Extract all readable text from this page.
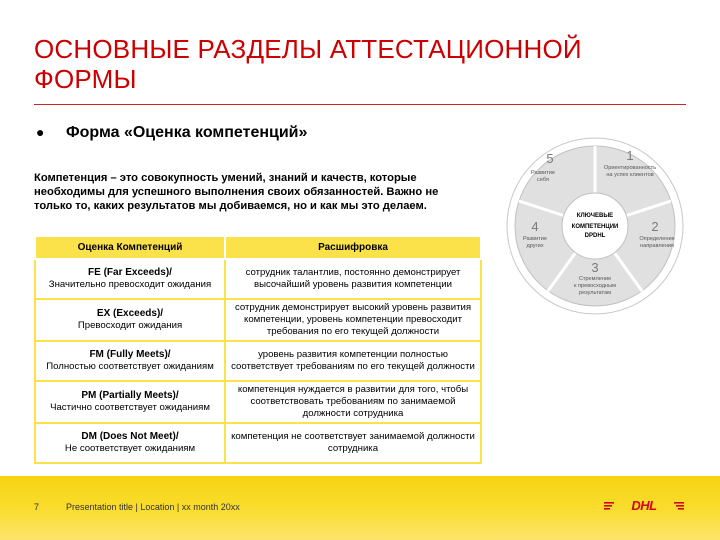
ОСНОВНЫЕ РАЗДЕЛЫ АТТЕСТАЦИОННОЙ ФОРМЫ
● Форма «Оценка компетенций»
Компетенция – это совокупность умений, знаний и качеств, которые необходимы для успешного выполнения своих обязанностей. Важно не только то, каких результатов мы добиваемся, но и как мы это делаем.
Оценка Компетенций	Расшифровка

FE (Far Exceeds)/
Значительно превосходит ожидания	сотрудник талантлив, постоянно демонстрирует высочайший уровень развития компетенции

EX (Exceeds)/
Превосходит ожидания	сотрудник демонстрирует высокий уровень развития компетенции, уровень компетенции превосходит требования по его текущей должности

FM (Fully Meets)/
Полностью соответствует ожиданиям	уровень развития компетенции полностью соответствует требованиям по его текущей должности

PM (Partially Meets)/
Частично соответствует ожиданиям	компетенция нуждается в развитии для того, чтобы соответствовать требованиям по занимаемой должности сотрудника

DM (Does Not Meet)/
Не соответствует ожиданиям	компетенция не соответствует занимаемой должности сотрудника
КЛЮЧЕВЫЕ
КОМПЕТЕНЦИИ
DPDHL
1
Ориентированность
на успех клиентов
2
Определение
направления
3
Стремление
к превосходным
результатам
4
Развитие
других
5
Развитие
себя
7	Presentation title | Location | xx month 20xx	DHL
